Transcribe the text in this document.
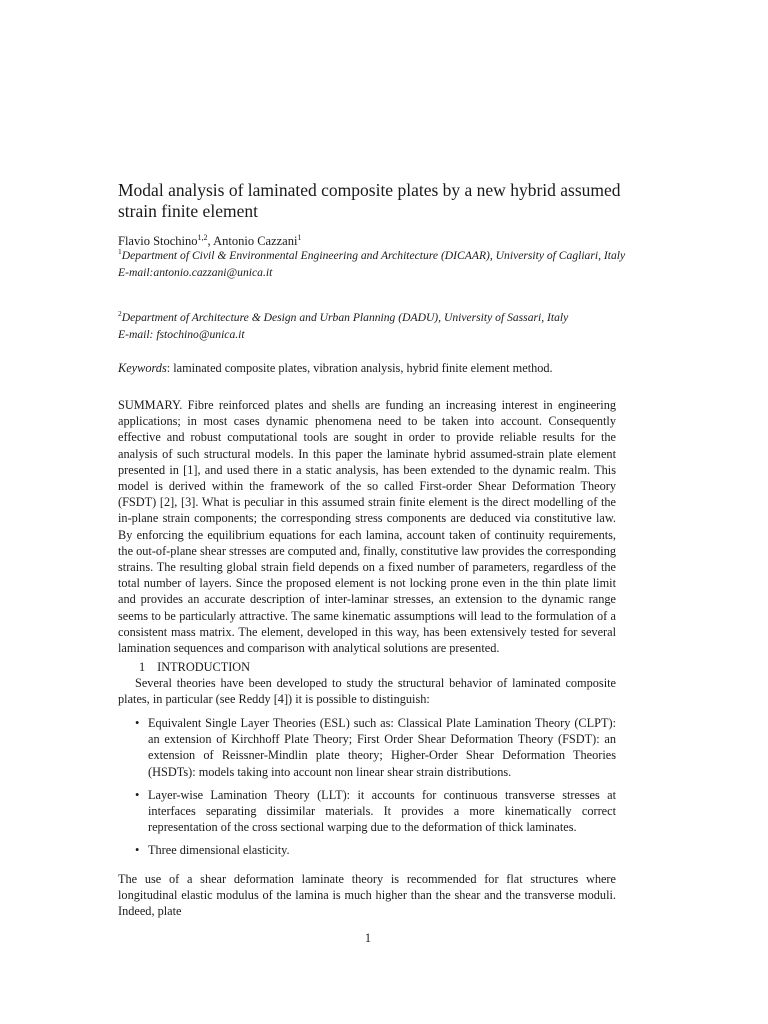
Modal analysis of laminated composite plates by a new hybrid assumed strain finite element
Flavio Stochino$^{1,2}$, Antonio Cazzani$^1$
$^1$Department of Civil & Environmental Engineering and Architecture (DICAAR), University of Cagliari, Italy
E-mail:antonio.cazzani@unica.it
$^2$Department of Architecture & Design and Urban Planning (DADU), University of Sassari, Italy
E-mail: fstochino@unica.it
Keywords: laminated composite plates, vibration analysis, hybrid finite element method.
SUMMARY. Fibre reinforced plates and shells are funding an increasing interest in engineering applications; in most cases dynamic phenomena need to be taken into account. Consequently effective and robust computational tools are sought in order to provide reliable results for the analysis of such structural models. In this paper the laminate hybrid assumed-strain plate element presented in [1], and used there in a static analysis, has been extended to the dynamic realm. This model is derived within the framework of the so called First-order Shear Deformation Theory (FSDT) [2], [3]. What is peculiar in this assumed strain finite element is the direct modelling of the in-plane strain components; the corresponding stress components are deduced via constitutive law. By enforcing the equilibrium equations for each lamina, account taken of continuity requirements, the out-of-plane shear stresses are computed and, finally, constitutive law provides the corresponding strains. The resulting global strain field depends on a fixed number of parameters, regardless of the total number of layers. Since the proposed element is not locking prone even in the thin plate limit and provides an accurate description of inter-laminar stresses, an extension to the dynamic range seems to be particularly attractive. The same kinematic assumptions will lead to the formulation of a consistent mass matrix. The element, developed in this way, has been extensively tested for several lamination sequences and comparison with analytical solutions are presented.
1 INTRODUCTION
Several theories have been developed to study the structural behavior of laminated composite plates, in particular (see Reddy [4]) it is possible to distinguish:
• Equivalent Single Layer Theories (ESL) such as: Classical Plate Lamination Theory (CLPT): an extension of Kirchhoff Plate Theory; First Order Shear Deformation Theory (FSDT): an extension of Reissner-Mindlin plate theory; Higher-Order Shear Deformation Theories (HSDTs): models taking into account non linear shear strain distributions.
• Layer-wise Lamination Theory (LLT): it accounts for continuous transverse stresses at interfaces separating dissimilar materials. It provides a more kinematically correct representation of the cross sectional warping due to the deformation of thick laminates.
• Three dimensional elasticity.
The use of a shear deformation laminate theory is recommended for flat structures where longitudinal elastic modulus of the lamina is much higher than the shear and the transverse moduli. Indeed, plate
1
